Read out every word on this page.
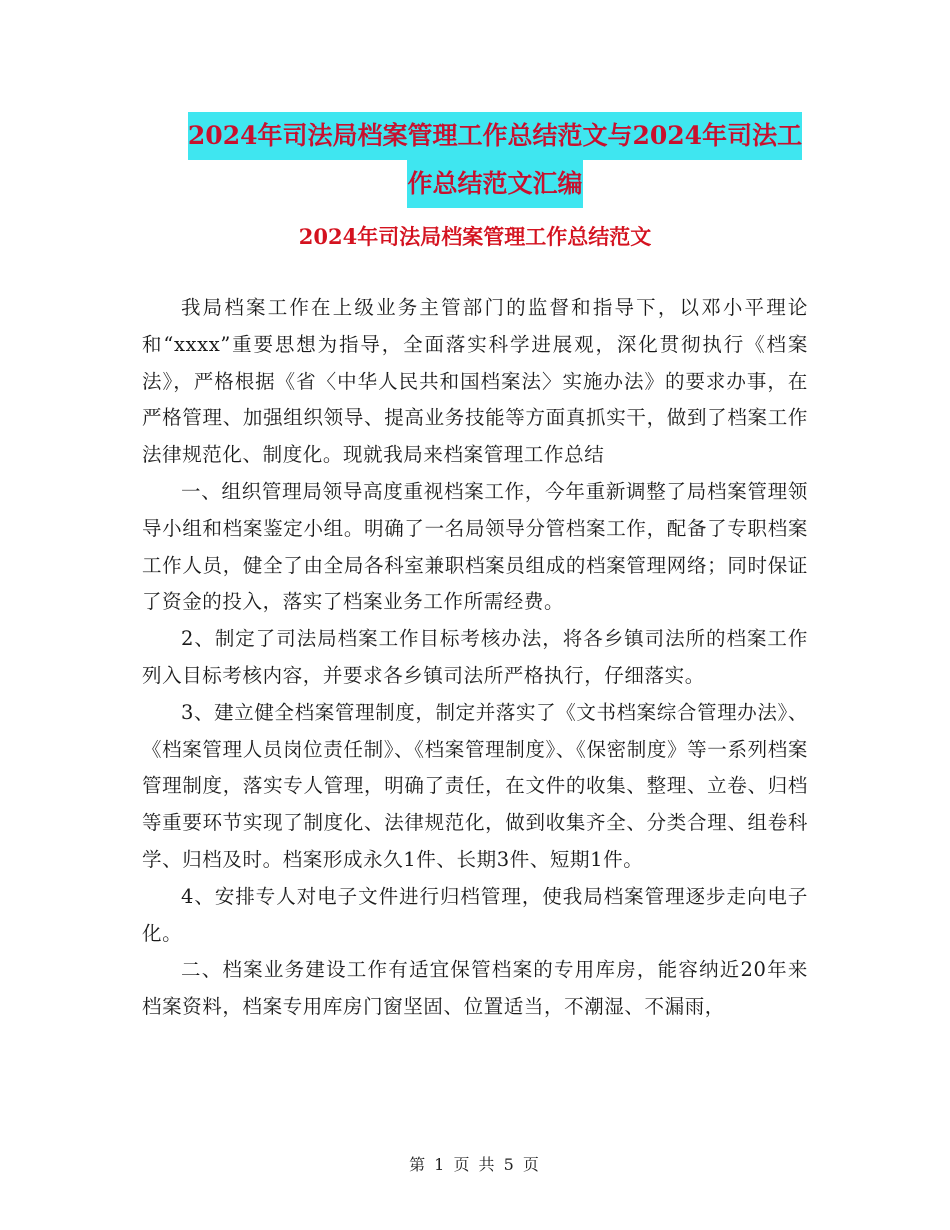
2024年司法局档案管理工作总结范文与2024年司法工
作总结范文汇编
2024年司法局档案管理工作总结范文

我局档案工作在上级业务主管部门的监督和指导下，以邓小平理论和“xxxx”重要思想为指导，全面落实科学进展观，深化贯彻执行《档案法》，严格根据《省〈中华人民共和国档案法〉实施办法》的要求办事，在严格管理、加强组织领导、提高业务技能等方面真抓实干，做到了档案工作法律规范化、制度化。现就我局来档案管理工作总结

一、组织管理局领导高度重视档案工作，今年重新调整了局档案管理领导小组和档案鉴定小组。明确了一名局领导分管档案工作，配备了专职档案工作人员，健全了由全局各科室兼职档案员组成的档案管理网络；同时保证了资金的投入，落实了档案业务工作所需经费。

2、制定了司法局档案工作目标考核办法，将各乡镇司法所的档案工作列入目标考核内容，并要求各乡镇司法所严格执行，仔细落实。

3、建立健全档案管理制度，制定并落实了《文书档案综合管理办法》、《档案管理人员岗位责任制》、《档案管理制度》、《保密制度》等一系列档案管理制度，落实专人管理，明确了责任，在文件的收集、整理、立卷、归档等重要环节实现了制度化、法律规范化，做到收集齐全、分类合理、组卷科学、归档及时。档案形成永久1件、长期3件、短期1件。

4、安排专人对电子文件进行归档管理，使我局档案管理逐步走向电子化。

二、档案业务建设工作有适宜保管档案的专用库房，能容纳近20年来档案资料，档案专用库房门窗坚固、位置适当，不潮湿、不漏雨，

第 1 页 共 5 页
